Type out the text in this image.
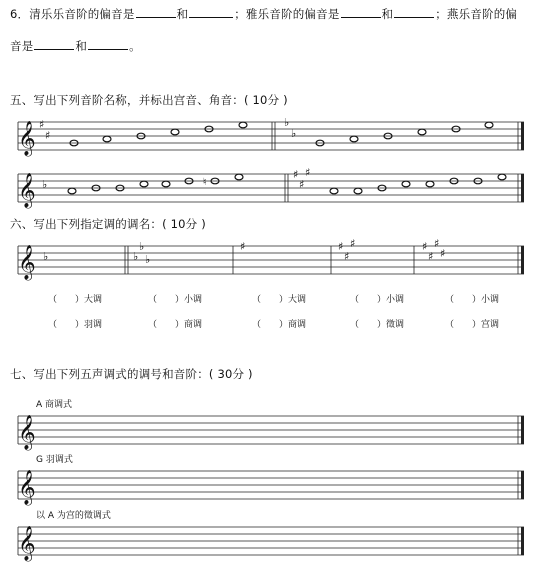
6．清乐乐音阶的偏音是	和	；雅乐音阶的偏音是	和	；燕乐音阶的偏
音是	和	。
五、写出下列音阶名称，并标出宫音、角音：( 10分 )
𝄞 ♯
♯
♭
♭
𝄞 ♭	♮
♯
♯
♯
六、写出下列指定调的调名：( 10分 )
𝄞 ♭	♭
♭
♭
♯	♯
♯
♯	♯
♯
♯
♯
（　　）大调	（　　）小调	（　　）大调	（　　）小调	（　　）小调
（　　）羽调	（　　）商调	（　　）商调	（　　）徵调	（　　）宫调
七、写出下列五声调式的调号和音阶：( 30分 )
A 商调式
𝄞
G 羽调式
𝄞
以 A 为宫的徵调式
𝄞
